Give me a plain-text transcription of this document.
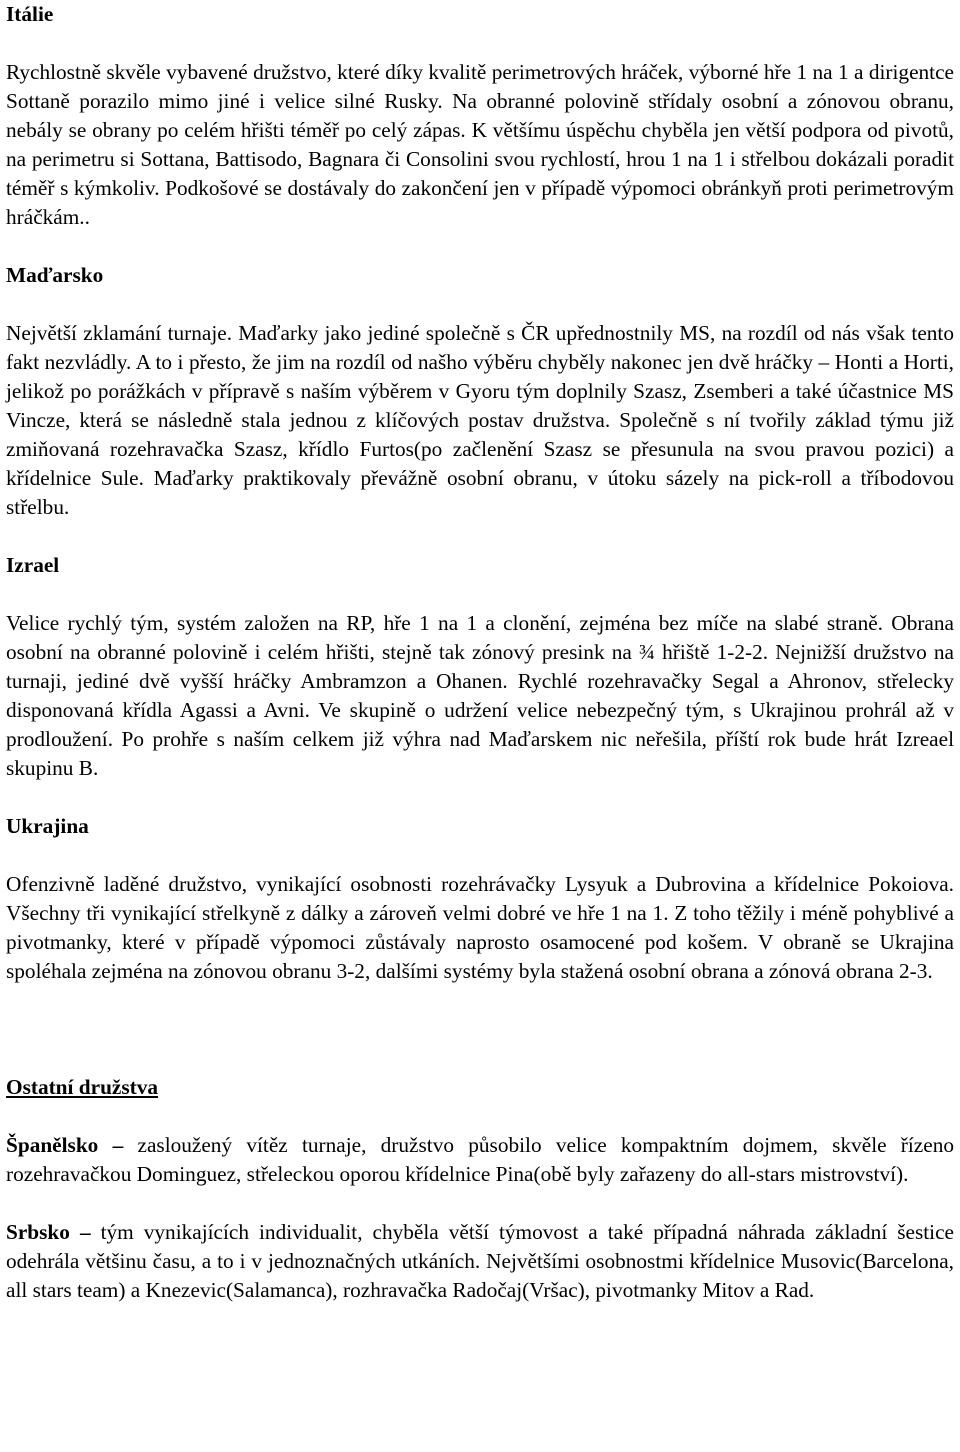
Itálie

Rychlostně skvěle vybavené družstvo, které díky kvalitě perimetrových hráček, výborné hře 1 na 1 a dirigentce Sottaně porazilo mimo jiné i velice silné Rusky. Na obranné polovině střídaly osobní a zónovou obranu, nebály se obrany po celém hřišti téměř po celý zápas. K většímu úspěchu chyběla jen větší podpora od pivotů, na perimetru si Sottana, Battisodo, Bagnara či Consolini svou rychlostí, hrou 1 na 1 i střelbou dokázali poradit téměř s kýmkoliv. Podkošové se dostávaly do zakončení jen v případě výpomoci obránkyň proti perimetrovým hráčkám..

Maďarsko

Největší zklamání turnaje. Maďarky jako jediné společně s ČR upřednostnily MS, na rozdíl od nás však tento fakt nezvládly. A to i přesto, že jim na rozdíl od našho výběru chyběly nakonec jen dvě hráčky – Honti a Horti, jelikož po porážkách v přípravě s naším výběrem v Gyoru tým doplnily Szasz, Zsemberi a také účastnice MS Vincze, která se následně stala jednou z klíčových postav družstva. Společně s ní tvořily základ týmu již zmiňovaná rozehravačka Szasz, křídlo Furtos(po začlenění Szasz se přesunula na svou pravou pozici) a křídelnice Sule. Maďarky praktikovaly převážně osobní obranu, v útoku sázely na pick-roll a tříbodovou střelbu.

Izrael

Velice rychlý tým, systém založen na RP, hře 1 na 1 a clonění, zejména bez míče na slabé straně. Obrana osobní na obranné polovině i celém hřišti, stejně tak zónový presink na ¾ hřiště 1-2-2. Nejnižší družstvo na turnaji, jediné dvě vyšší hráčky Ambramzon a Ohanen. Rychlé rozehravačky Segal a Ahronov, střelecky disponovaná křídla Agassi a Avni. Ve skupině o udržení velice nebezpečný tým, s Ukrajinou prohrál až v prodloužení. Po prohře s naším celkem již výhra nad Maďarskem nic neřešila, příští rok bude hrát Izreael skupinu B.

Ukrajina

Ofenzivně laděné družstvo, vynikající osobnosti rozehrávačky Lysyuk a Dubrovina a křídelnice Pokoiova. Všechny tři vynikající střelkyně z dálky a zároveň velmi dobré ve hře 1 na 1. Z toho těžily i méně pohyblivé a pivotmanky, které v případě výpomoci zůstávaly naprosto osamocené pod košem. V obraně se Ukrajina spoléhala zejména na zónovou obranu 3-2, dalšími systémy byla stažená osobní obrana a zónová obrana 2-3.

Ostatní družstva

Španělsko – zasloužený vítěz turnaje, družstvo působilo velice kompaktním dojmem, skvěle řízeno rozehravačkou Dominguez, střeleckou oporou křídelnice Pina(obě byly zařazeny do all-stars mistrovství).

Srbsko – tým vynikajících individualit, chyběla větší týmovost a také případná náhrada základní šestice odehrála většinu času, a to i v jednoznačných utkáních. Největšími osobnostmi křídelnice Musovic(Barcelona, all stars team) a Knezevic(Salamanca), rozhravačka Radočaj(Vršac), pivotmanky Mitov a Rad.
